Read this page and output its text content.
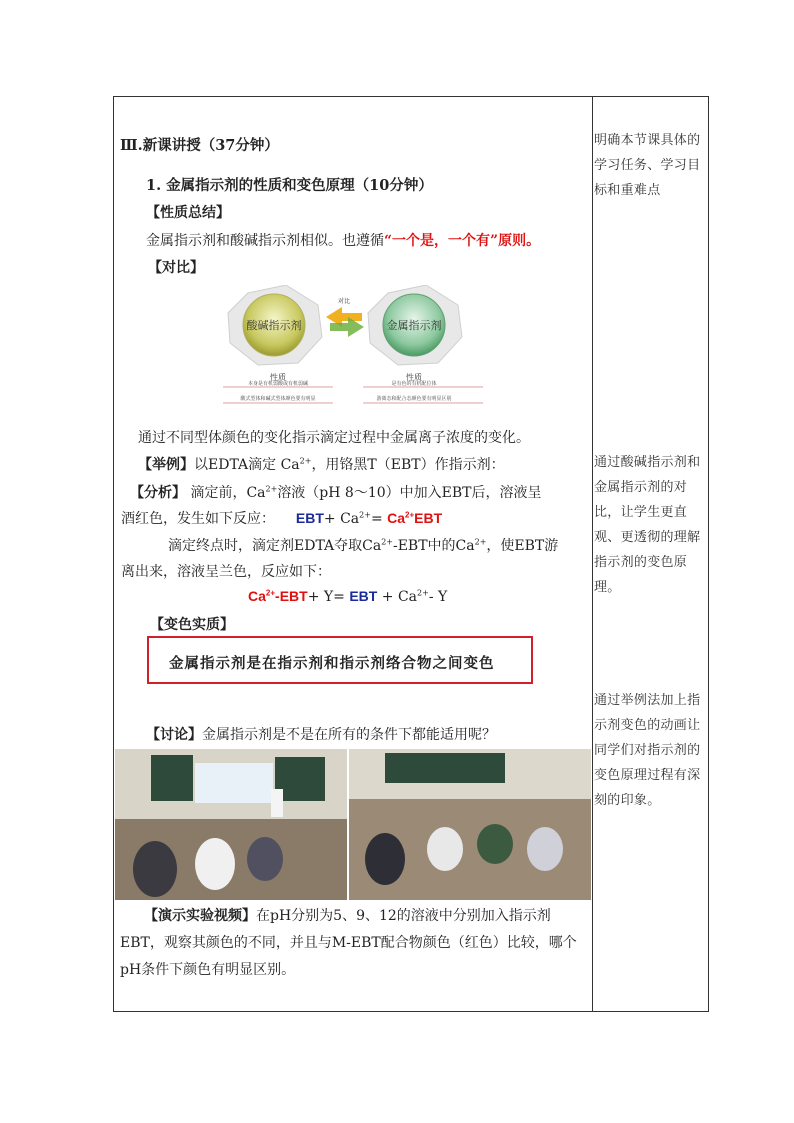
Ⅲ.新课讲授（37分钟）
1. 金属指示剂的性质和变色原理（10分钟）
【性质总结】
金属指示剂和酸碱指示剂相似。也遵循“一个是，一个有”原则。
【对比】
酸碱指示剂	金属指示剂
对比
性质	性质
本身是有机弱酸或有机弱碱
酸式型体和碱式型体颜色要有明显
是有色的有机配位体
游离态和配合态颜色要有明显区别
通过不同型体颜色的变化指示滴定过程中金属离子浓度的变化。
【举例】以EDTA滴定 $Ca^{2+}$，用铬黑T（EBT）作指示剂：
【分析】 滴定前，$Ca^{2+}$溶液（pH 8～10）中加入EBT后，溶液呈
酒红色，发生如下反应： $EBT+ Ca^{2+}= Ca^{2+}EBT$
滴定终点时，滴定剂EDTA夺取$Ca^{2+}$-EBT中的$Ca^{2+}$，使EBT游
离出来，溶液呈兰色，反应如下：
$Ca^{2+}-EBT+ Y=$ EBT + $Ca^{2+}-$ Y
【变色实质】
金属指示剂是在指示剂和指示剂络合物之间变色
【讨论】金属指示剂是不是在所有的条件下都能适用呢？
【演示实验视频】在pH分别为5、9、12的溶液中分别加入指示剂EBT，观察其颜色的不同，并且与M-EBT配合物颜色（红色）比较，哪个pH条件下颜色有明显区别。
明确本节课具体的学习任务、学习目标和重难点
通过酸碱指示剂和金属指示剂的对比，让学生更直观、更透彻的理解指示剂的变色原理。
通过举例法加上指示剂变色的动画让同学们对指示剂的变色原理过程有深刻的印象。
